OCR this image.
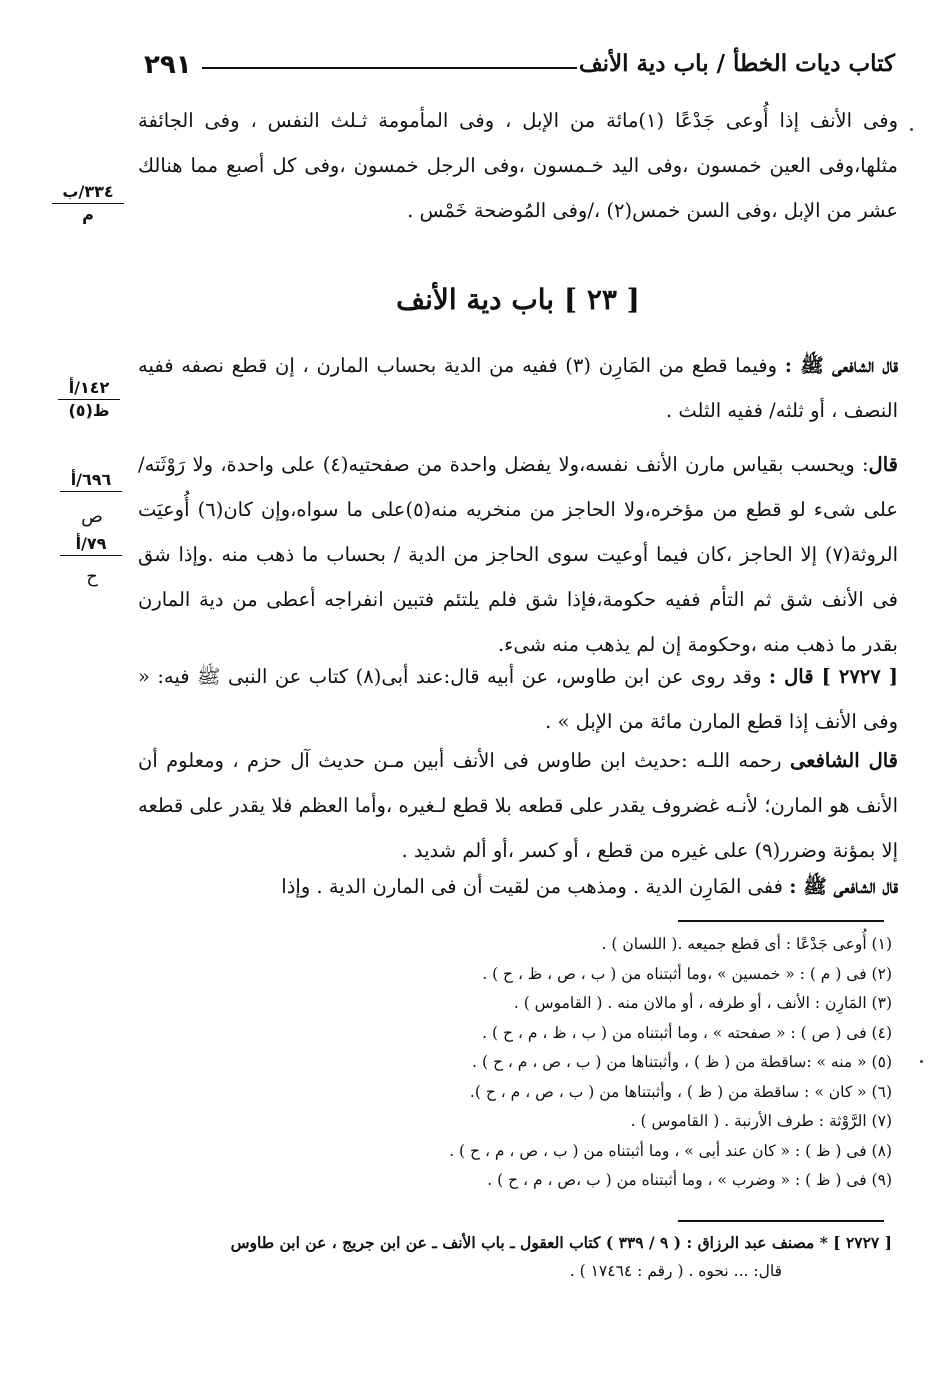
٢٩١	كتاب ديات الخطأ / باب دية الأنف

وفى الأنف إذا أُوعى جَدْعًا (١)مائة من الإبل ، وفى المأمومة ثـلث النفس ، وفى الجائفة مثلها،وفى العين خمسون ،وفى اليد خـمسون ،وفى الرجل خمسون ،وفى كل أصبع مما هنالك عشر من الإبل ،وفى السن خمس(٢) ،/وفى المُوضحة خَمْس .

٣٣٤/ب
م
[ ٢٣ ] باب دية الأنف

قال الشافعى ﷺ : وفيما قطع من المَارِن (٣) ففيه من الدية بحساب المارن ، إن قطع نصفه ففيه النصف ، أو ثلثه/ ففيه الثلث .

١٤٢/أ
ظ(٥)

قال: ويحسب بقياس مارن الأنف نفسه،ولا يفضل واحدة من صفحتيه(٤) على واحدة، ولا رَوْثَته/على شىء لو قطع من مؤخره،ولا الحاجز من منخريه منه(٥)على ما سواه،وإن كان(٦) أُوعيَت الروثة(٧) إلا الحاجز ،كان فيما أوعيت سوى الحاجز من الدية / بحساب ما ذهب منه .وإذا شق فى الأنف شق ثم التأم ففيه حكومة،فإذا شق فلم يلتئم فتبين انفراجه أعطى من دية المارن بقدر ما ذهب منه ،وحكومة إن لم يذهب منه شىء.

٦٩٦/أ
ص
٧٩/أ
ح

[ ٢٧٢٧ ] قال : وقد روى عن ابن طاوس، عن أبيه قال:عند أبى(٨) كتاب عن النبى ﷺ فيه: « وفى الأنف إذا قطع المارن مائة من الإبل » .

قال الشافعى رحمه اللـه :حديث ابن طاوس فى الأنف أبين مـن حديث آل حزم ، ومعلوم أن الأنف هو المارن؛ لأنـه غضروف يقدر على قطعه بلا قطع لـغيره ،وأما العظم فلا يقدر على قطعه إلا بمؤنة وضرر(٩) على غيره من قطع ، أو كسر ،أو ألم شديد .

قال الشافعى ﷺ : ففى المَارِن الدية . ومذهب من لقيت أن فى المارن الدية . وإذا

(١) أُوعى جَدْعًا : أى قطع جميعه .( اللسان ) .
(٢) فى ( م ) : « خمسين » ،وما أثبتناه من ( ب ، ص ، ظ ، ح ) .
(٣) المَارِن : الأنف ، أو طرفه ، أو مالان منه . ( القاموس ) .
(٤) فى ( ص ) : « صفحته » ، وما أثبتناه من ( ب ، ظ ، م ، ح ) .
(٥) « منه » :ساقطة من ( ظ ) ، وأثبتناها من ( ب ، ص ، م ، ح ) .
(٦) « كان » : ساقطة من ( ظ ) ، وأثبتناها من ( ب ، ص ، م ، ح ).
(٧) الرَّوْثة : طرف الأرنبة . ( القاموس ) .
(٨) فى ( ظ ) : « كان عند أبى » ، وما أثبتناه من ( ب ، ص ، م ، ح ) .
(٩) فى ( ظ ) : « وضرب » ، وما أثبتناه من ( ب ،ص ، م ، ح ) .
[ ٢٧٢٧ ] * مصنف عبد الرزاق : ( ٩ / ٣٣٩ ) كتاب العقول ـ باب الأنف ـ عن ابن جريج ، عن ابن طاوس
قال: ... نحوه . ( رقم : ١٧٤٦٤ ) .
